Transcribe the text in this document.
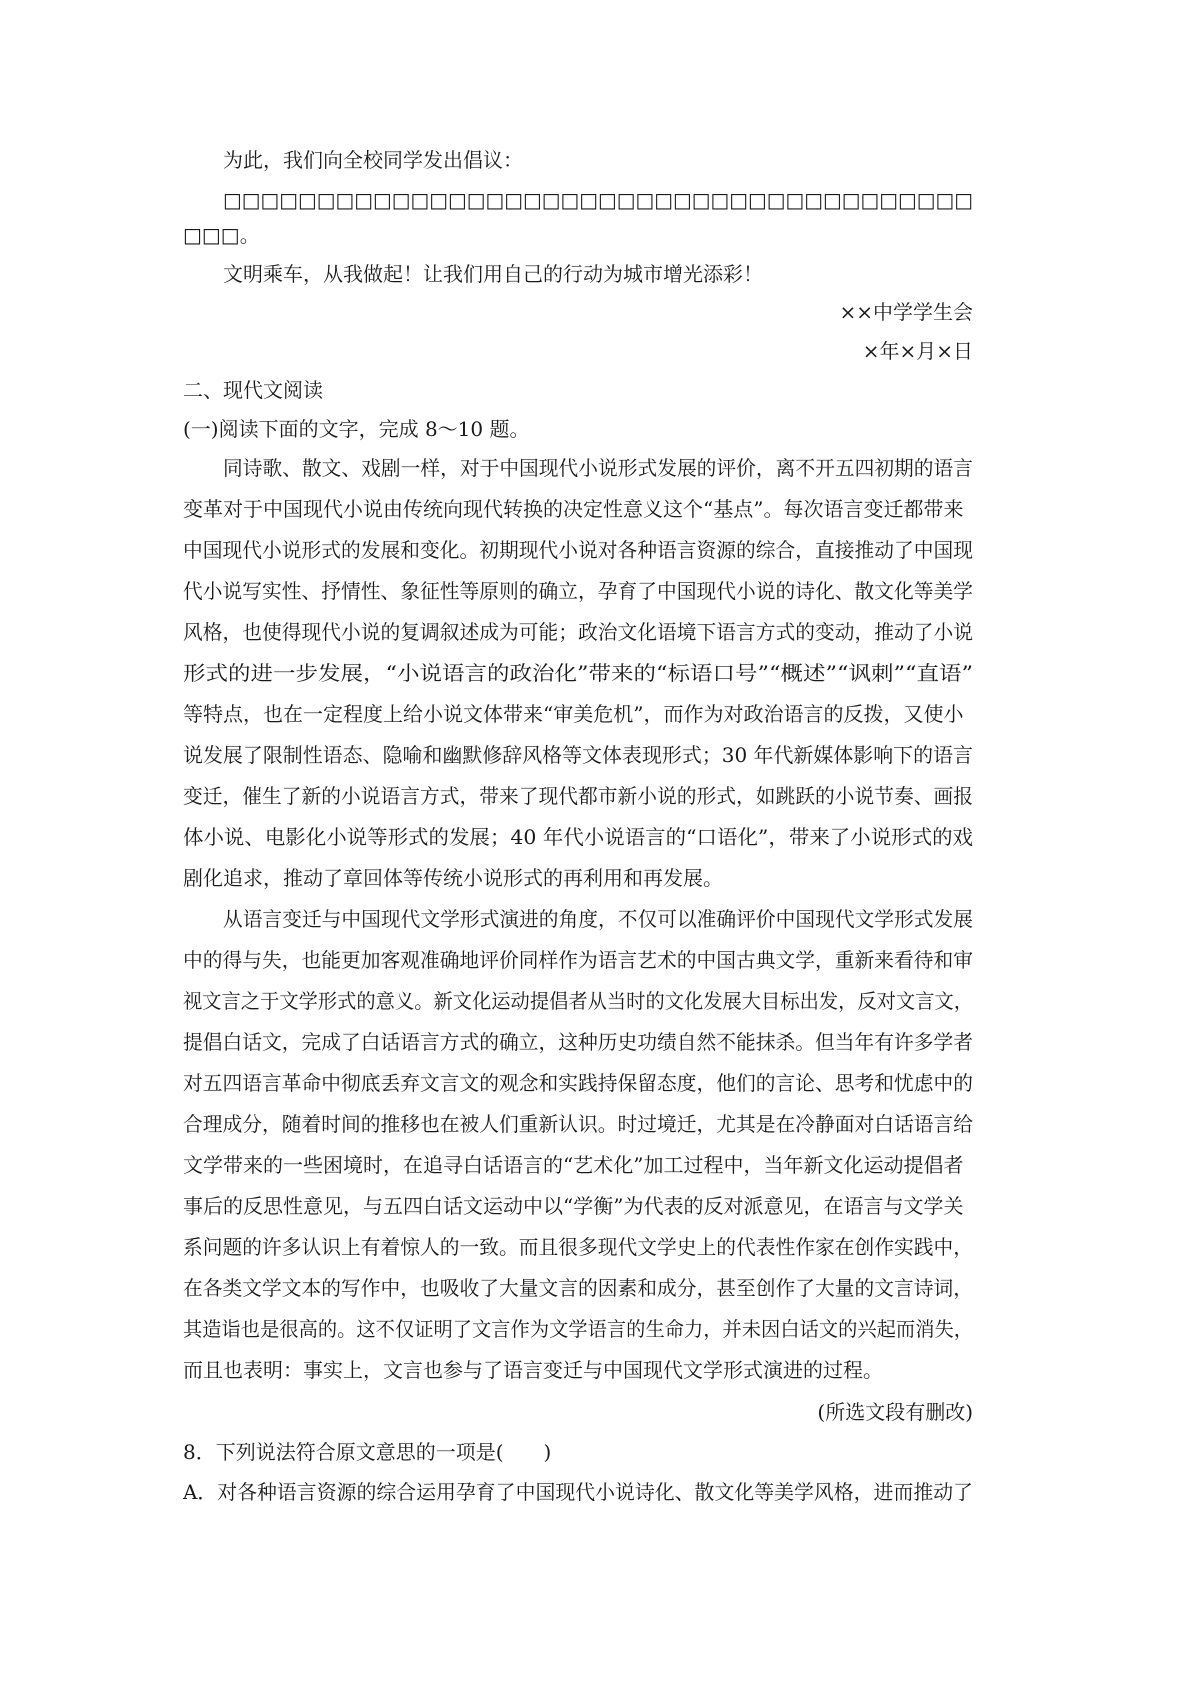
为此，我们向全校同学发出倡议：
□□□□□□□□□□□□□□□□□□□□□□□□□□□□□□□□□□□□□□□□
□□□。
文明乘车，从我做起！让我们用自己的行动为城市增光添彩！
××中学学生会
×年×月×日
二、现代文阅读
(一)阅读下面的文字，完成 8～10 题。
同诗歌、散文、戏剧一样，对于中国现代小说形式发展的评价，离不开五四初期的语言
变革对于中国现代小说由传统向现代转换的决定性意义这个“基点”。每次语言变迁都带来
中国现代小说形式的发展和变化。初期现代小说对各种语言资源的综合，直接推动了中国现
代小说写实性、抒情性、象征性等原则的确立，孕育了中国现代小说的诗化、散文化等美学
风格，也使得现代小说的复调叙述成为可能；政治文化语境下语言方式的变动，推动了小说
形式的进一步发展，“小说语言的政治化”带来的“标语口号”“概述”“讽刺”“直语”
等特点，也在一定程度上给小说文体带来“审美危机”，而作为对政治语言的反拨，又使小
说发展了限制性语态、隐喻和幽默修辞风格等文体表现形式；30 年代新媒体影响下的语言
变迁，催生了新的小说语言方式，带来了现代都市新小说的形式，如跳跃的小说节奏、画报
体小说、电影化小说等形式的发展；40 年代小说语言的“口语化”，带来了小说形式的戏
剧化追求，推动了章回体等传统小说形式的再利用和再发展。
从语言变迁与中国现代文学形式演进的角度，不仅可以准确评价中国现代文学形式发展
中的得与失，也能更加客观准确地评价同样作为语言艺术的中国古典文学，重新来看待和审
视文言之于文学形式的意义。新文化运动提倡者从当时的文化发展大目标出发，反对文言文，
提倡白话文，完成了白话语言方式的确立，这种历史功绩自然不能抹杀。但当年有许多学者
对五四语言革命中彻底丢弃文言文的观念和实践持保留态度，他们的言论、思考和忧虑中的
合理成分，随着时间的推移也在被人们重新认识。时过境迁，尤其是在冷静面对白话语言给
文学带来的一些困境时，在追寻白话语言的“艺术化”加工过程中，当年新文化运动提倡者
事后的反思性意见，与五四白话文运动中以“学衡”为代表的反对派意见，在语言与文学关
系问题的许多认识上有着惊人的一致。而且很多现代文学史上的代表性作家在创作实践中，
在各类文学文本的写作中，也吸收了大量文言的因素和成分，甚至创作了大量的文言诗词，
其造诣也是很高的。这不仅证明了文言作为文学语言的生命力，并未因白话文的兴起而消失，
而且也表明：事实上，文言也参与了语言变迁与中国现代文学形式演进的过程。
(所选文段有删改)
8．下列说法符合原文意思的一项是(　　)
A．对各种语言资源的综合运用孕育了中国现代小说诗化、散文化等美学风格，进而推动了
